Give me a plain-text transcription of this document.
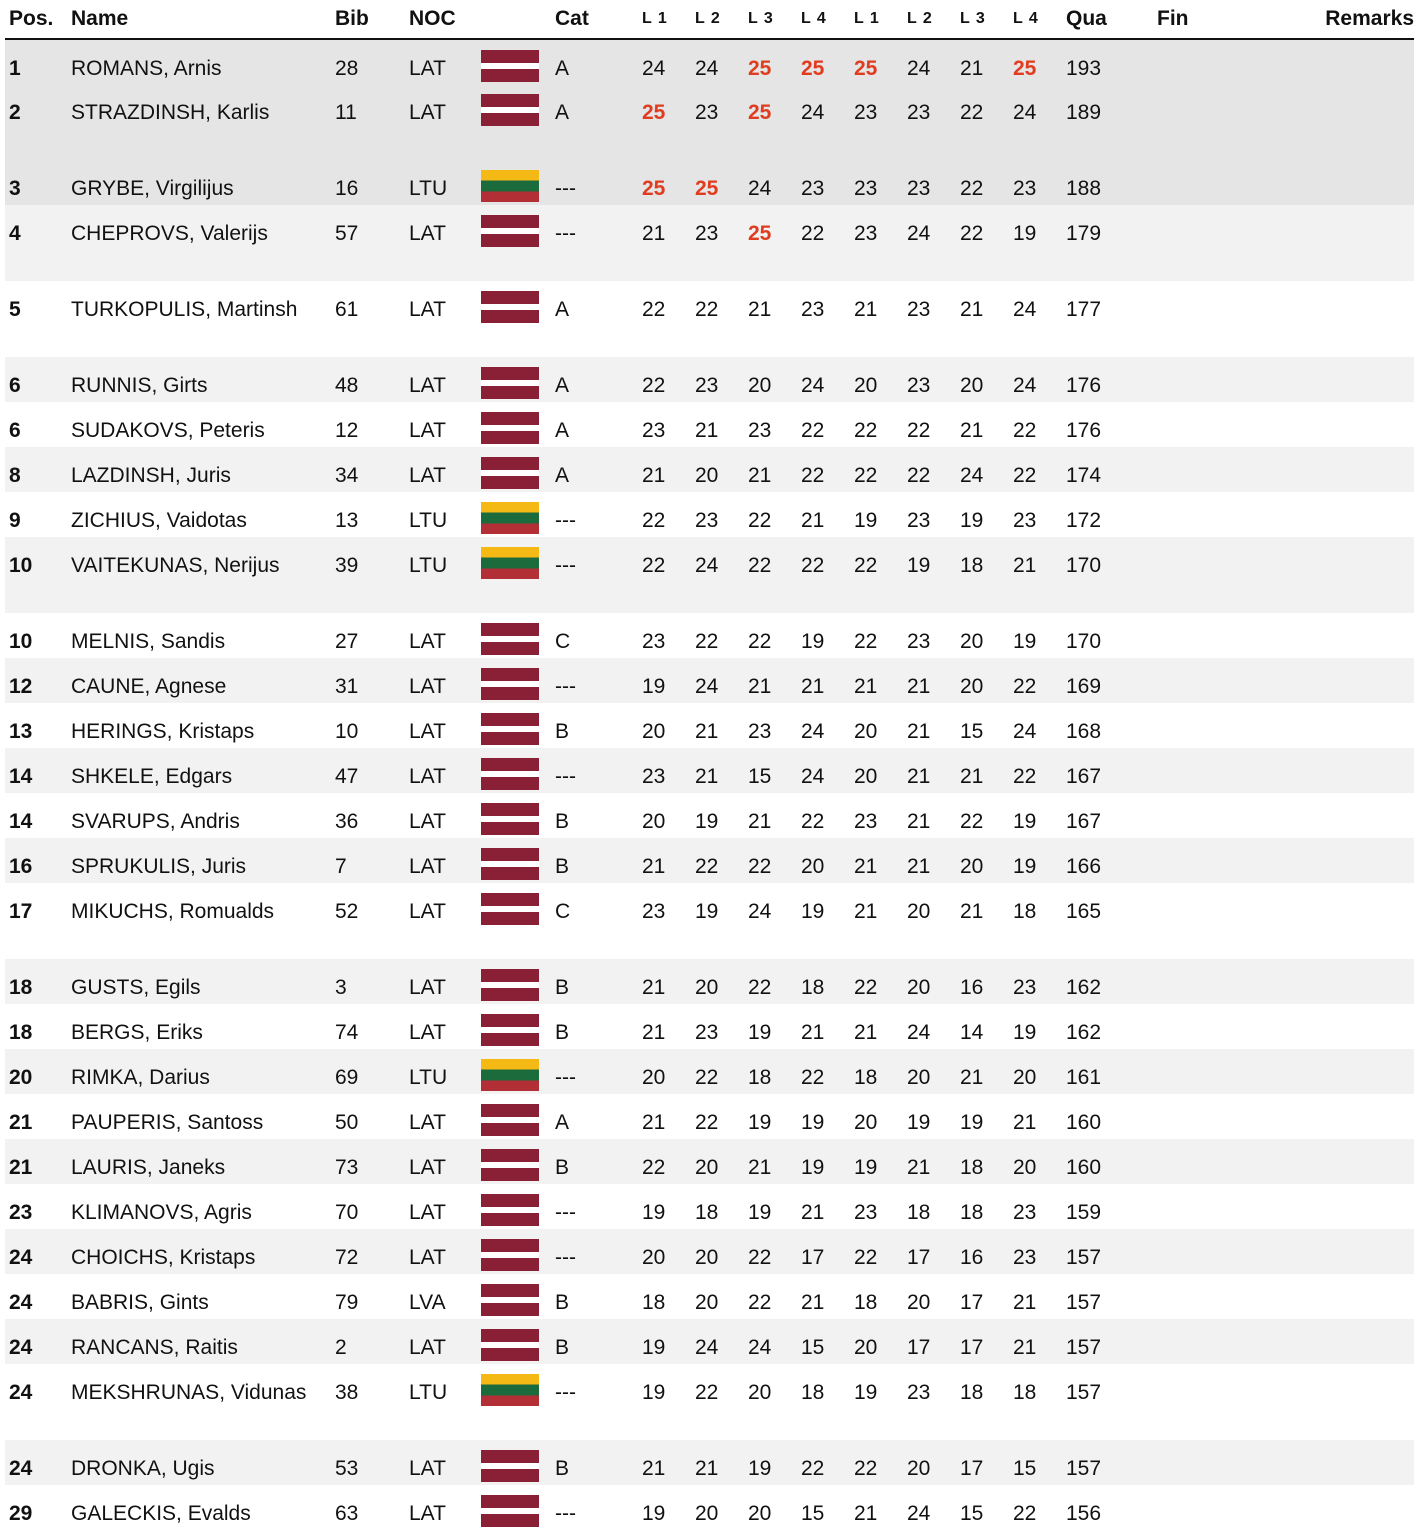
Pos.	Name	Bib	NOC		Cat	L 1	L 2	L 3	L 4	L 1	L 2	L 3	L 4	Qua	Fin	Remarks
1	ROMANS, Arnis	28	LAT		A	24	24	25	25	25	24	21	25	193		
2	STRAZDINSH, Karlis	11	LAT		A	25	23	25	24	23	23	22	24	189		
3	GRYBE, Virgilijus	16	LTU		---	25	25	24	23	23	23	22	23	188		
4	CHEPROVS, Valerijs	57	LAT		---	21	23	25	22	23	24	22	19	179		
5	TURKOPULIS, Martinsh	61	LAT		A	22	22	21	23	21	23	21	24	177		
6	RUNNIS, Girts	48	LAT		A	22	23	20	24	20	23	20	24	176		
6	SUDAKOVS, Peteris	12	LAT		A	23	21	23	22	22	22	21	22	176		
8	LAZDINSH, Juris	34	LAT		A	21	20	21	22	22	22	24	22	174		
9	ZICHIUS, Vaidotas	13	LTU		---	22	23	22	21	19	23	19	23	172		
10	VAITEKUNAS, Nerijus	39	LTU		---	22	24	22	22	22	19	18	21	170		
10	MELNIS, Sandis	27	LAT		C	23	22	22	19	22	23	20	19	170		
12	CAUNE, Agnese	31	LAT		---	19	24	21	21	21	21	20	22	169		
13	HERINGS, Kristaps	10	LAT		B	20	21	23	24	20	21	15	24	168		
14	SHKELE, Edgars	47	LAT		---	23	21	15	24	20	21	21	22	167		
14	SVARUPS, Andris	36	LAT		B	20	19	21	22	23	21	22	19	167		
16	SPRUKULIS, Juris	7	LAT		B	21	22	22	20	21	21	20	19	166		
17	MIKUCHS, Romualds	52	LAT		C	23	19	24	19	21	20	21	18	165		
18	GUSTS, Egils	3	LAT		B	21	20	22	18	22	20	16	23	162		
18	BERGS, Eriks	74	LAT		B	21	23	19	21	21	24	14	19	162		
20	RIMKA, Darius	69	LTU		---	20	22	18	22	18	20	21	20	161		
21	PAUPERIS, Santoss	50	LAT		A	21	22	19	19	20	19	19	21	160		
21	LAURIS, Janeks	73	LAT		B	22	20	21	19	19	21	18	20	160		
23	KLIMANOVS, Agris	70	LAT		---	19	18	19	21	23	18	18	23	159		
24	CHOICHS, Kristaps	72	LAT		---	20	20	22	17	22	17	16	23	157		
24	BABRIS, Gints	79	LVA		B	18	20	22	21	18	20	17	21	157		
24	RANCANS, Raitis	2	LAT		B	19	24	24	15	20	17	17	21	157		
24	MEKSHRUNAS, Vidunas	38	LTU		---	19	22	20	18	19	23	18	18	157		
24	DRONKA, Ugis	53	LAT		B	21	21	19	22	22	20	17	15	157		
29	GALECKIS, Evalds	63	LAT		---	19	20	20	15	21	24	15	22	156		
